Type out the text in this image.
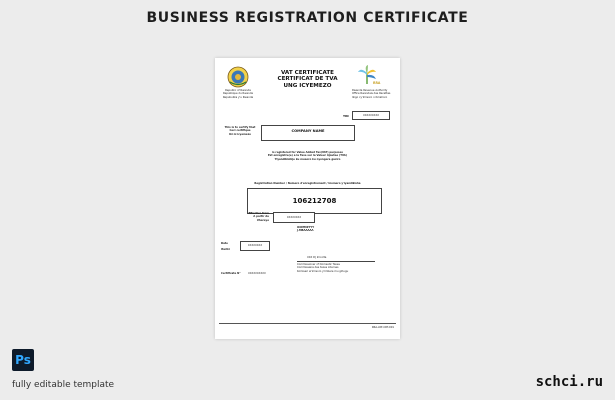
BUSINESS REGISTRATION CERTIFICATE
Republic of Rwanda
Republique du Rwanda
Repubulika y'u Rwanda
VAT CERTIFICATE
CERTIFICAT DE TVA
UNG ICYEMEZO	RRA
Rwanda Revenue Authority
Office Rwandais des Recettes
Ikigo cy'Imisoro n'Amahoro
TIN	XXXXXXXXX
This is to certify that
Ceci certifique
Iki ni icyemezo
COMPANY NAME
is registered for Value Added Tax(VAT) purposes
Est enregistre(e) a la Taxe sur la Valeur Ajoutee (TVA)
Yiyandikishije ku musoro ku nyongera gaciro
Registration Number / Numero d'enregistrement / Inomero y'iyandikisha
106212708
Effective from
A partir du
Uhereye
XXXXXXXX
OOMMZYYY
J.MBAAAAA
Date
Itariki
XXXXXXXX
XXX DJ Imcolta
Commissioner of Domestic Taxes
Commissaire des taxes internes
Komiseri w'imisoro y'imbere mu gihugu
Certificate N°	XXXXXXXXXX
RRA-VAT-CRT-001
Ps
fully editable template	schci.ru
